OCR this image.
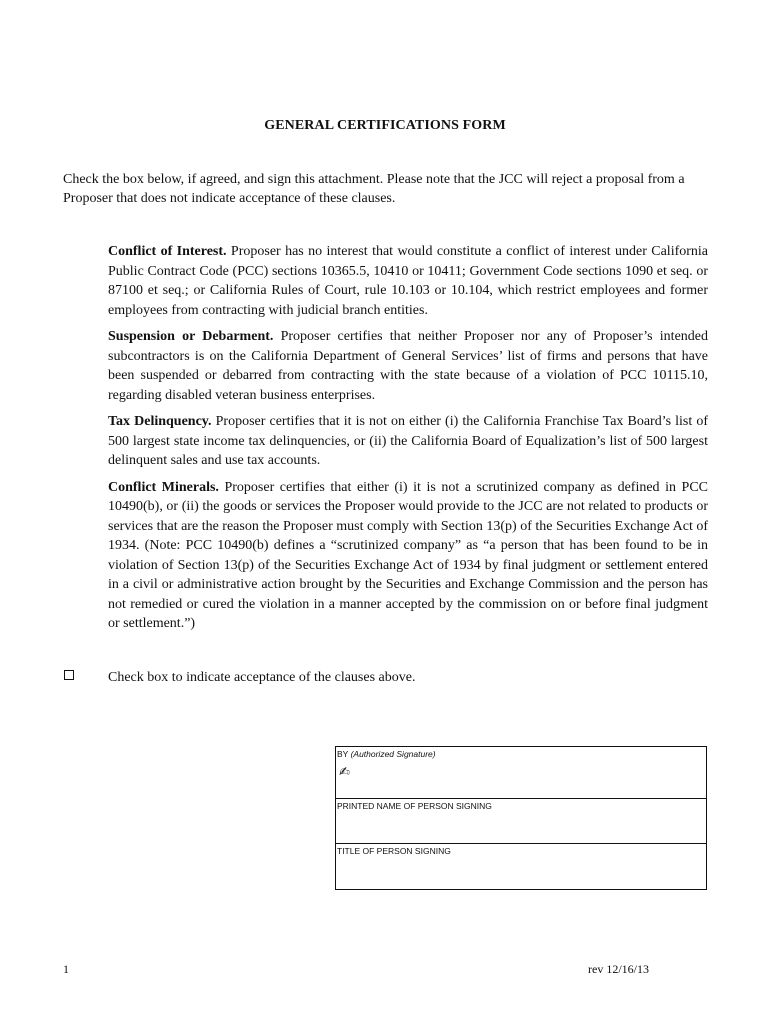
GENERAL CERTIFICATIONS FORM
Check the box below, if agreed, and sign this attachment. Please note that the JCC will reject a proposal from a Proposer that does not indicate acceptance of these clauses.

Conflict of Interest. Proposer has no interest that would constitute a conflict of interest under California Public Contract Code (PCC) sections 10365.5, 10410 or 10411; Government Code sections 1090 et seq. or 87100 et seq.; or California Rules of Court, rule 10.103 or 10.104, which restrict employees and former employees from contracting with judicial branch entities.

Suspension or Debarment. Proposer certifies that neither Proposer nor any of Proposer’s intended subcontractors is on the California Department of General Services’ list of firms and persons that have been suspended or debarred from contracting with the state because of a violation of PCC 10115.10, regarding disabled veteran business enterprises.

Tax Delinquency. Proposer certifies that it is not on either (i) the California Franchise Tax Board’s list of 500 largest state income tax delinquencies, or (ii) the California Board of Equalization’s list of 500 largest delinquent sales and use tax accounts.

Conflict Minerals. Proposer certifies that either (i) it is not a scrutinized company as defined in PCC 10490(b), or (ii) the goods or services the Proposer would provide to the JCC are not related to products or services that are the reason the Proposer must comply with Section 13(p) of the Securities Exchange Act of 1934. (Note: PCC 10490(b) defines a “scrutinized company” as “a person that has been found to be in violation of Section 13(p) of the Securities Exchange Act of 1934 by final judgment or settlement entered in a civil or administrative action brought by the Securities and Exchange Commission and the person has not remedied or cured the violation in a manner accepted by the commission on or before final judgment or settlement.”)

Check box to indicate acceptance of the clauses above.
BY (Authorized Signature)
✍
PRINTED NAME OF PERSON SIGNING
TITLE OF PERSON SIGNING
1	rev 12/16/13
